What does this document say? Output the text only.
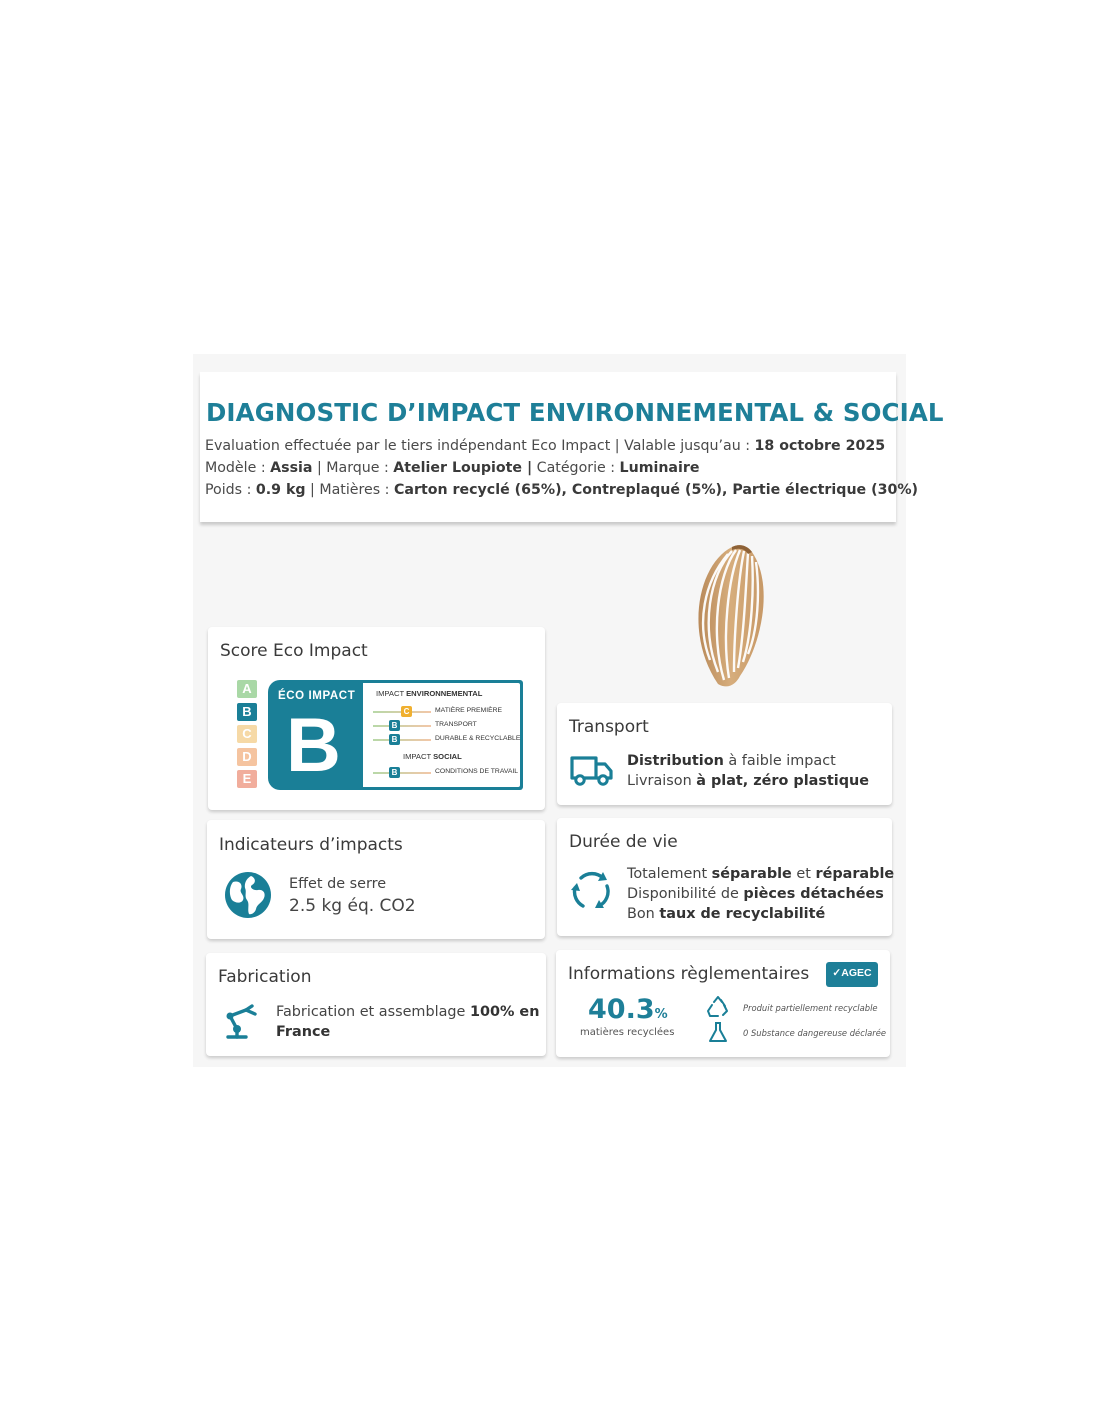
DIAGNOSTIC D’IMPACT ENVIRONNEMENTAL & SOCIAL
Evaluation effectuée par le tiers indépendant Eco Impact | Valable jusqu’au : 18 octobre 2025
Modèle : Assia | Marque : Atelier Loupiote | Catégorie : Luminaire
Poids : 0.9 kg | Matières : Carton recyclé (65%), Contreplaqué (5%), Partie électrique (30%)
Score Eco Impact
A
B
C
D
E
ÉCO IMPACT
B
IMPACT ENVIRONNEMENTAL
C	MATIÈRE PREMIÈRE
B	TRANSPORT
B	DURABLE & RECYCLABLE
IMPACT SOCIAL
B	CONDITIONS DE TRAVAIL
Indicateurs d’impacts
Effet de serre
2.5 kg éq. CO2
Fabrication
Fabrication et assemblage 100% en
France
Transport
Distribution à faible impact
Livraison à plat, zéro plastique
Durée de vie
Totalement séparable et réparable
Disponibilité de pièces détachées
Bon taux de recyclabilité
Informations règlementaires	✓AGEC
40.3%
matières recyclées
Produit partiellement recyclable
0 Substance dangereuse déclarée
